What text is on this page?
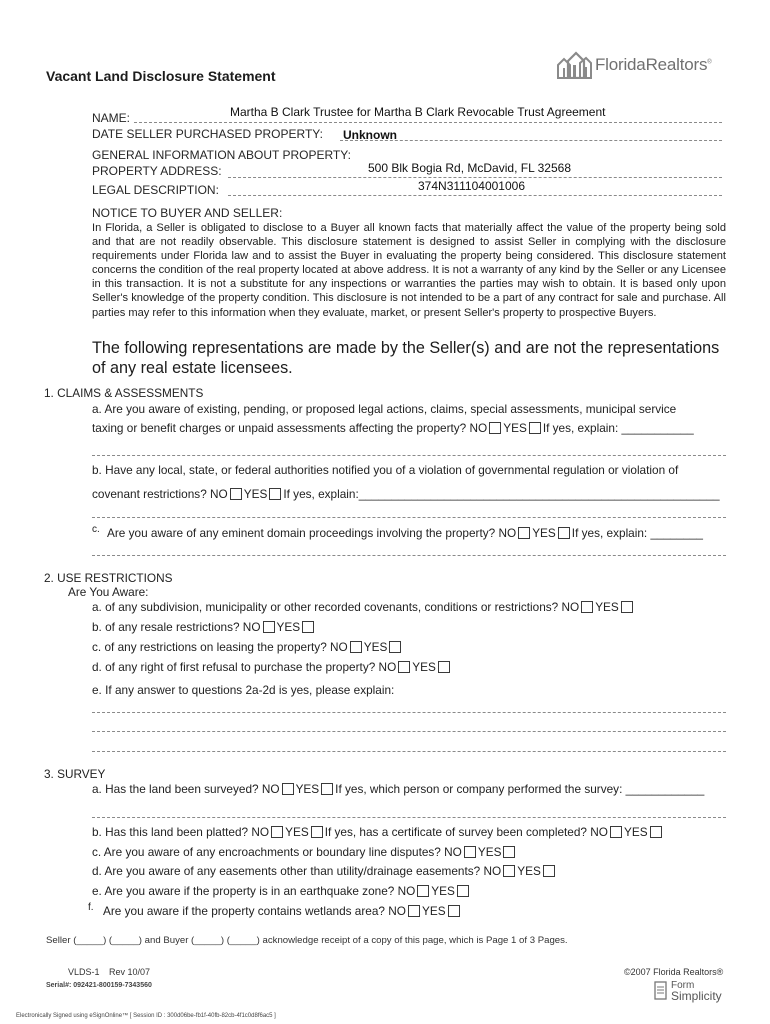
Vacant Land Disclosure Statement
FloridaRealtors®
NAME:	Martha B Clark Trustee for Martha B Clark Revocable Trust Agreement
DATE SELLER PURCHASED PROPERTY: Unknown
GENERAL INFORMATION ABOUT PROPERTY:
PROPERTY ADDRESS:	500 Blk Bogia Rd, McDavid, FL 32568
LEGAL DESCRIPTION:	374N311104001006
NOTICE TO BUYER AND SELLER:
In Florida, a Seller is obligated to disclose to a Buyer all known facts that materially affect the value of the property being sold and that are not readily observable. This disclosure statement is designed to assist Seller in complying with the disclosure requirements under Florida law and to assist the Buyer in evaluating the property being considered. This disclosure statement concerns the condition of the real property located at above address. It is not a warranty of any kind by the Seller or any Licensee in this transaction. It is not a substitute for any inspections or warranties the parties may wish to obtain. It is based only upon Seller's knowledge of the property condition. This disclosure is not intended to be a part of any contract for sale and purchase. All parties may refer to this information when they evaluate, market, or present Seller's property to prospective Buyers.
The following representations are made by the Seller(s) and are not the representations of any real estate licensees.
1. CLAIMS & ASSESSMENTS
a. Are you aware of existing, pending, or proposed legal actions, claims, special assessments, municipal service
taxing or benefit charges or unpaid assessments affecting the property? NO YES If yes, explain: ___________
b. Have any local, state, or federal authorities notified you of a violation of governmental regulation or violation of
covenant restrictions? NO YES If yes, explain:_______________________________________________________
c. Are you aware of any eminent domain proceedings involving the property? NO YES If yes, explain: ________
2. USE RESTRICTIONS
Are You Aware:
a. of any subdivision, municipality or other recorded covenants, conditions or restrictions? NO YES
b. of any resale restrictions? NO YES
c. of any restrictions on leasing the property? NO YES
d. of any right of first refusal to purchase the property? NO YES
e. If any answer to questions 2a-2d is yes, please explain:
3. SURVEY
a. Has the land been surveyed? NO YES If yes, which person or company performed the survey: ____________
b. Has this land been platted? NO YES If yes, has a certificate of survey been completed? NO YES
c. Are you aware of any encroachments or boundary line disputes? NO YES
d. Are you aware of any easements other than utility/drainage easements? NO YES
e. Are you aware if the property is in an earthquake zone? NO YES
f. Are you aware if the property contains wetlands area? NO YES
Seller (_____) (_____) and Buyer (_____) (_____) acknowledge receipt of a copy of this page, which is Page 1 of 3 Pages.
VLDS-1 Rev 10/07	©2007 Florida Realtors®
Serial#: 092421-800159-7343560	Form
Simplicity
Electronically Signed using eSignOnline™ [ Session ID : 300d06be-fb1f-40fb-82cb-4f1c0d8f6ac5 ]
